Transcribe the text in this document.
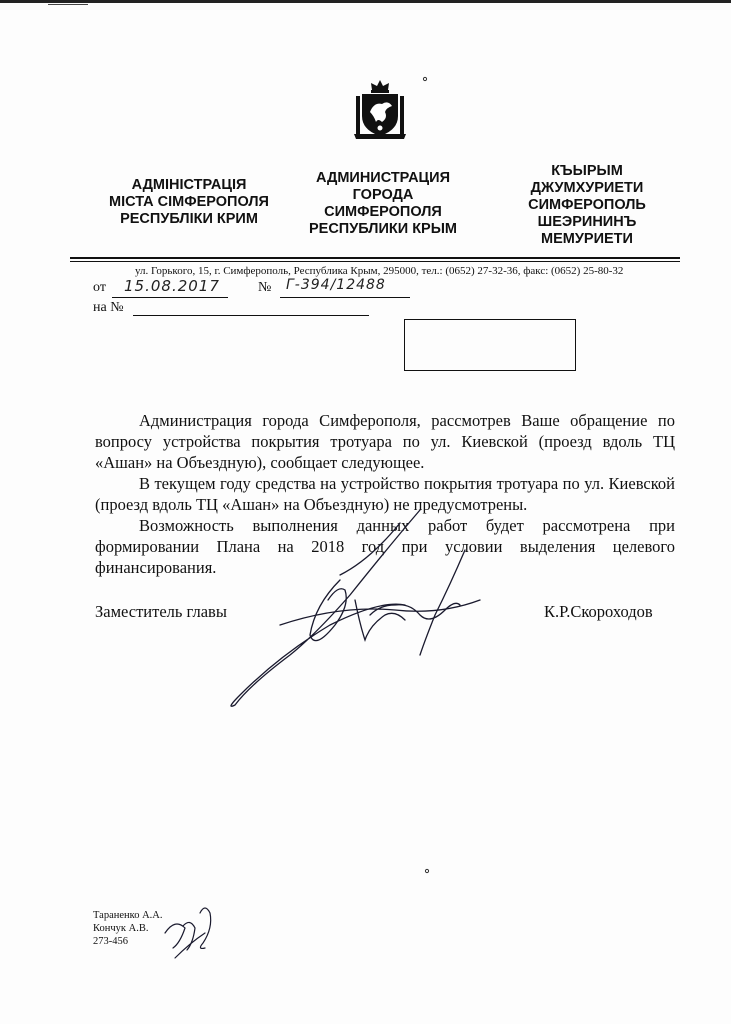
АДМІНІСТРАЦІЯ
МІСТА СІМФЕРОПОЛЯ
РЕСПУБЛІКИ КРИМ
АДМИНИСТРАЦИЯ
ГОРОДА
СИМФЕРОПОЛЯ
РЕСПУБЛИКИ КРЫМ
КЪЫРЫМ
ДЖУМХУРИЕТИ
СИМФЕРОПОЛЬ
ШЕЭРИНИНЪ
МЕМУРИЕТИ
ул. Горького, 15, г. Симферополь, Республика Крым, 295000, тел.: (0652) 27-32-36, факс: (0652) 25-80-32
от 15.08.2017	№ Г-394/12488
на №

Администрация города Симферополя, рассмотрев Ваше обращение по вопросу устройства покрытия тротуара по ул. Киевской (проезд вдоль ТЦ «Ашан» на Объездную), сообщает следующее.

В текущем году средства на устройство покрытия тротуара по ул. Киевской (проезд вдоль ТЦ «Ашан» на Объездную) не предусмотрены.

Возможность выполнения данных работ будет рассмотрена при формировании Плана на 2018 год при условии выделения целевого финансирования.

Заместитель главы	К.Р.Скороходов
Тараненко А.А.
Кончук А.В.
273-456
